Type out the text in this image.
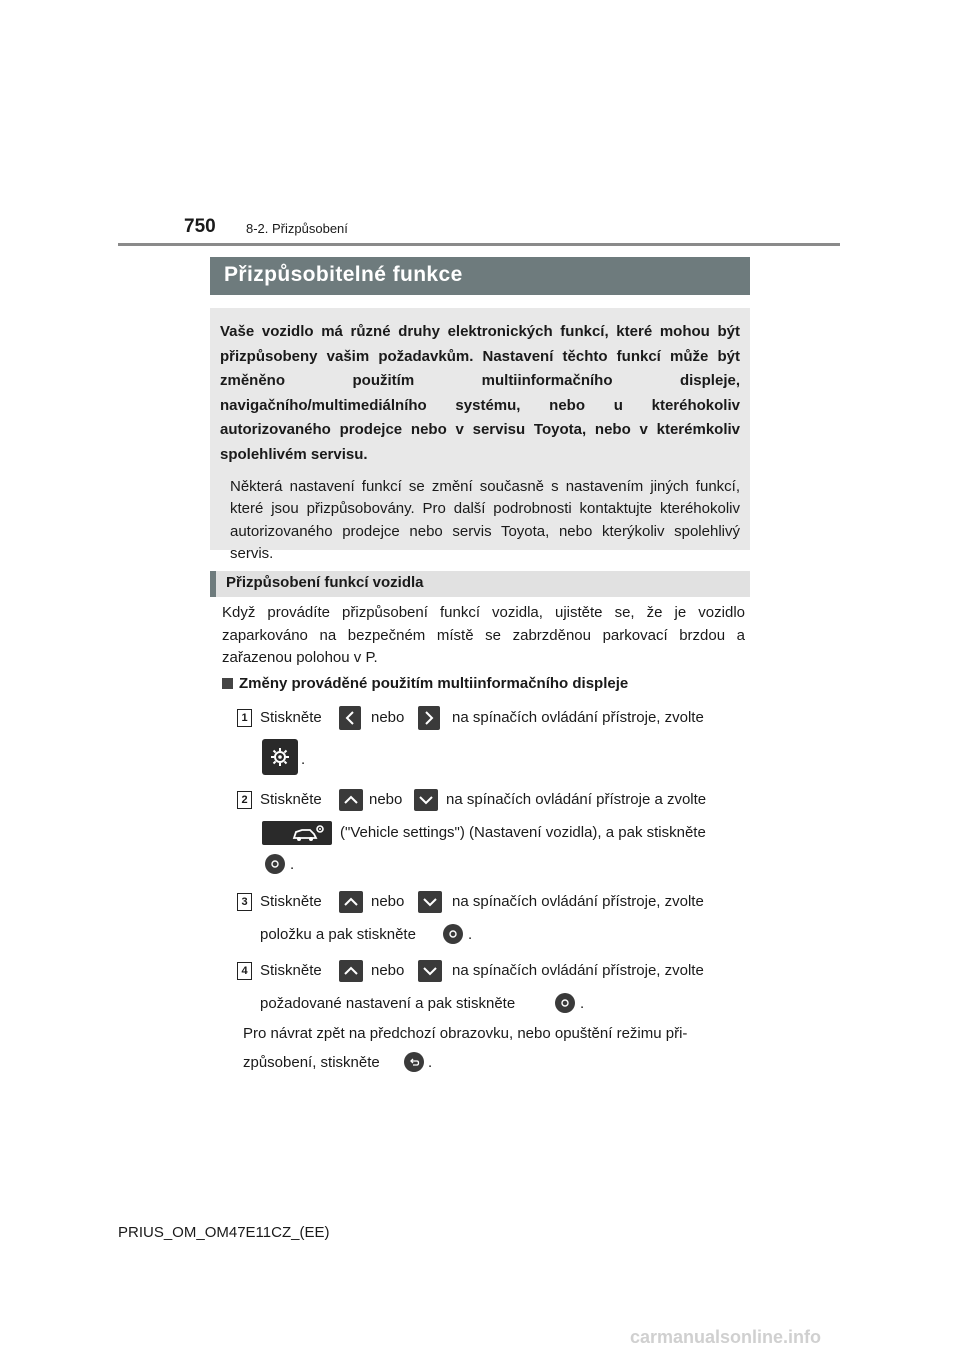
750 8-2. Přizpůsobení
Přizpůsobitelné funkce

Vaše vozidlo má různé druhy elektronických funkcí, které mohou být přizpůsobeny vašim požadavkům. Nastavení těchto funkcí může být změněno použitím multiinformačního displeje, navigačního/multimediálního systému, nebo u kteréhokoliv autorizovaného prodejce nebo v servisu Toyota, nebo v kterémkoliv spolehlivém servisu.

Některá nastavení funkcí se změní současně s nastavením jiných funkcí, které jsou přizpůsobovány. Pro další podrobnosti kontaktujte kteréhokoliv autorizovaného prodejce nebo servis Toyota, nebo kterýkoliv spolehlivý servis.

Přizpůsobení funkcí vozidla

Když provádíte přizpůsobení funkcí vozidla, ujistěte se, že je vozidlo zaparkováno na bezpečném místě se zabrzděnou parkovací brzdou a zařazenou polohou v P.

Změny prováděné použitím multiinformačního displeje
1 Stiskněte	nebo	na spínačích ovládání přístroje, zvolte
.
2 Stiskněte	nebo	na spínačích ovládání přístroje a zvolte
("Vehicle settings") (Nastavení vozidla), a pak stiskněte
.
3 Stiskněte	nebo	na spínačích ovládání přístroje, zvolte
položku a pak stiskněte	.
4 Stiskněte	nebo	na spínačích ovládání přístroje, zvolte
požadované nastavení a pak stiskněte	.
Pro návrat zpět na předchozí obrazovku, nebo opuštění režimu při-
způsobení, stiskněte	.
PRIUS_OM_OM47E11CZ_(EE)
carmanualsonline.info
